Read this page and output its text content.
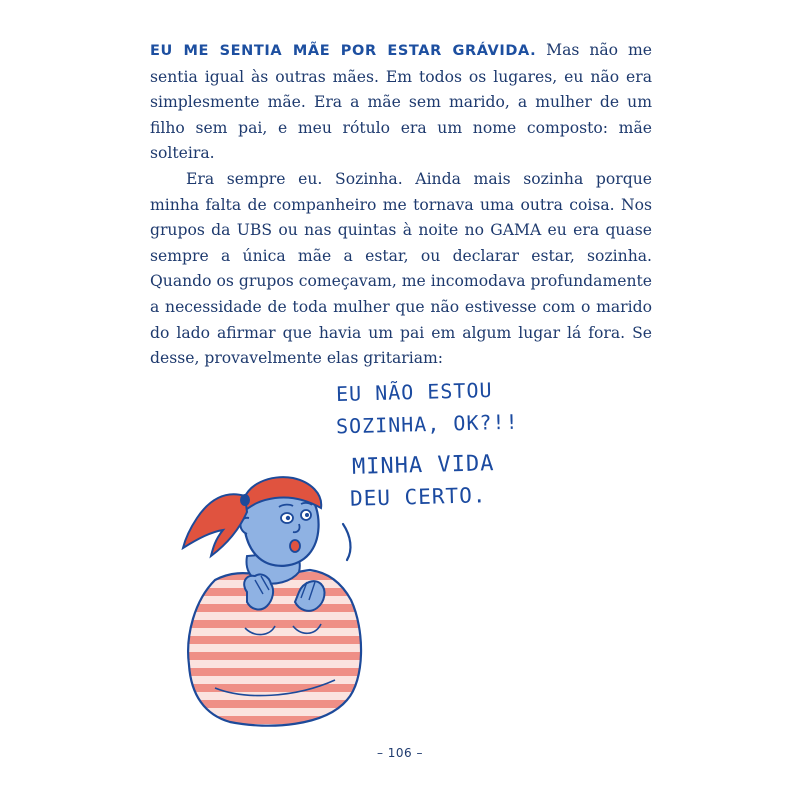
EU ME SENTIA MÃE POR ESTAR GRÁVIDA. Mas não me sentia igual às outras mães. Em todos os lugares, eu não era simplesmente mãe. Era a mãe sem marido, a mulher de um filho sem pai, e meu rótulo era um nome composto: mãe solteira.

Era sempre eu. Sozinha. Ainda mais sozinha porque minha falta de companheiro me tornava uma outra coisa. Nos grupos da UBS ou nas quintas à noite no GAMA eu era quase sempre a única mãe a estar, ou declarar estar, sozinha. Quando os grupos começavam, me incomodava profundamente a necessidade de toda mulher que não estivesse com o marido do lado afirmar que havia um pai em algum lugar lá fora. Se desse, provavelmente elas gritariam:

EU NÃO ESTOU
SOZINHA, OK?!!
MINHA VIDA
DEU CERTO.
– 106 –
